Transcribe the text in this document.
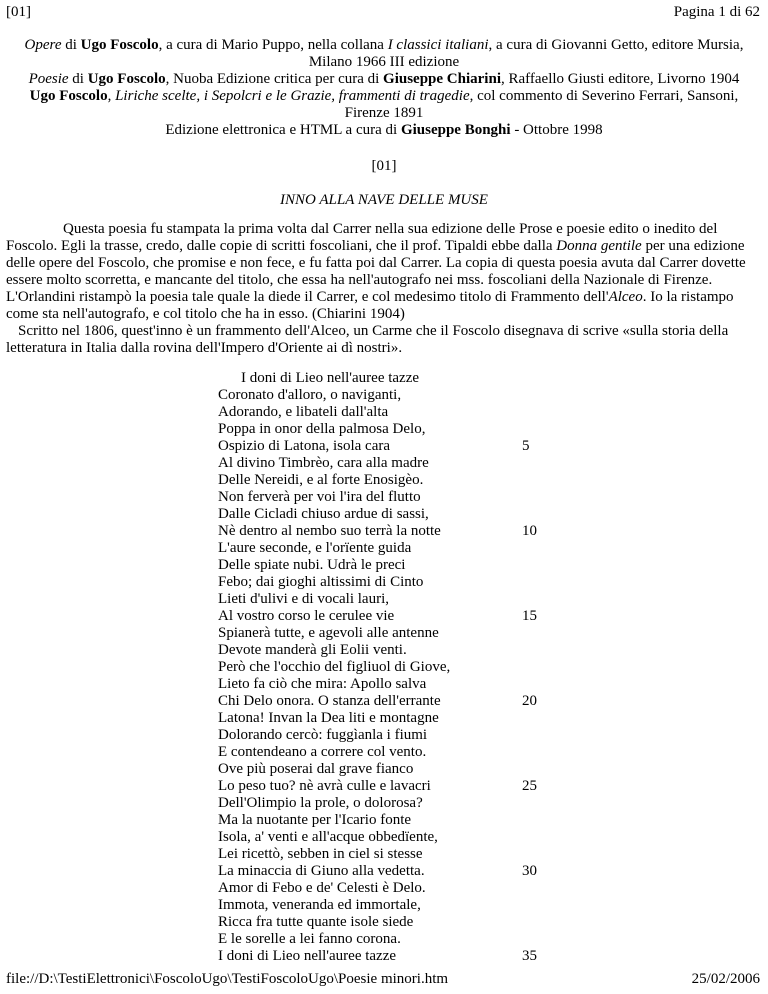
[01]	Pagina 1 di 62

Opere di Ugo Foscolo, a cura di Mario Puppo, nella collana I classici italiani, a cura di Giovanni Getto, editore Mursia, Milano 1966 III edizione

Poesie di Ugo Foscolo, Nuoba Edizione critica per cura di Giuseppe Chiarini, Raffaello Giusti editore, Livorno 1904

Ugo Foscolo, Liriche scelte, i Sepolcri e le Grazie, frammenti di tragedie, col commento di Severino Ferrari, Sansoni, Firenze 1891

Edizione elettronica e HTML a cura di Giuseppe Bonghi - Ottobre 1998

[01]
INNO ALLA NAVE DELLE MUSE

Questa poesia fu stampata la prima volta dal Carrer nella sua edizione delle Prose e poesie edito o inedito del Foscolo. Egli la trasse, credo, dalle copie di scritti foscoliani, che il prof. Tipaldi ebbe dalla Donna gentile per una edizione delle opere del Foscolo, che promise e non fece, e fu fatta poi dal Carrer. La copia di questa poesia avuta dal Carrer dovette essere molto scorretta, e mancante del titolo, che essa ha nell'autografo nei mss. foscoliani della Nazionale di Firenze. L'Orlandini ristampò la poesia tale quale la diede il Carrer, e col medesimo titolo di Frammento dell'Alceo. Io la ristampo come sta nell'autografo, e col titolo che ha in esso. (Chiarini 1904)

Scritto nel 1806, quest'inno è un frammento dell'Alceo, un Carme che il Foscolo disegnava di scrive «sulla storia della letteratura in Italia dalla rovina dell'Impero d'Oriente ai dì nostri».

I doni di Lieo nell'auree tazze
Coronato d'alloro, o naviganti,
Adorando, e libateli dall'alta
Poppa in onor della palmosa Delo,
Ospizio di Latona, isola cara	5
Al divino Timbrèo, cara alla madre
Delle Nereidi, e al forte Enosigèo.
Non ferverà per voi l'ira del flutto
Dalle Cicladi chiuso ardue di sassi,
Nè dentro al nembo suo terrà la notte	10
L'aure seconde, e l'orïente guida
Delle spiate nubi. Udrà le preci
Febo; dai gioghi altissimi di Cinto
Lieti d'ulivi e di vocali lauri,
Al vostro corso le cerulee vie	15
Spianerà tutte, e agevoli alle antenne
Devote manderà gli Eolii venti.
Però che l'occhio del figliuol di Giove,
Lieto fa ciò che mira: Apollo salva
Chi Delo onora. O stanza dell'errante	20
Latona! Invan la Dea liti e montagne
Dolorando cercò: fuggìanla i fiumi
E contendeano a correre col vento.
Ove più poserai dal grave fianco
Lo peso tuo? nè avrà culle e lavacri	25
Dell'Olimpio la prole, o dolorosa?
Ma la nuotante per l'Icario fonte
Isola, a' venti e all'acque obbedïente,
Lei ricettò, sebben in ciel si stesse
La minaccia di Giuno alla vedetta.	30
Amor di Febo e de' Celesti è Delo.
Immota, veneranda ed immortale,
Ricca fra tutte quante isole siede
E le sorelle a lei fanno corona.
I doni di Lieo nell'auree tazze	35
file://D:\TestiElettronici\FoscoloUgo\TestiFoscoloUgo\Poesie minori.htm	25/02/2006
